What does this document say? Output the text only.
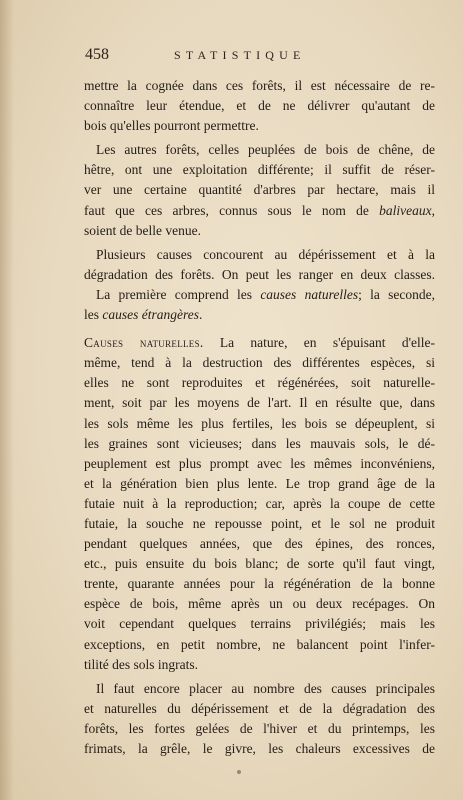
458	STATISTIQUE
mettre la cognée dans ces forêts, il est nécessaire de re-
connaître leur étendue, et de ne délivrer qu'autant de
bois qu'elles pourront permettre.
Les autres forêts, celles peuplées de bois de chêne, de
hêtre, ont une exploitation différente; il suffit de réser-
ver une certaine quantité d'arbres par hectare, mais il
faut que ces arbres, connus sous le nom de baliveaux,
soient de belle venue.
Plusieurs causes concourent au dépérissement et à la
dégradation des forêts. On peut les ranger en deux classes.
La première comprend les causes naturelles; la seconde,
les causes étrangères.
Causes naturelles. La nature, en s'épuisant d'elle-
même, tend à la destruction des différentes espèces, si
elles ne sont reproduites et régénérées, soit naturelle-
ment, soit par les moyens de l'art. Il en résulte que, dans
les sols même les plus fertiles, les bois se dépeuplent, si
les graines sont vicieuses; dans les mauvais sols, le dé-
peuplement est plus prompt avec les mêmes inconvéniens,
et la génération bien plus lente. Le trop grand âge de la
futaie nuit à la reproduction; car, après la coupe de cette
futaie, la souche ne repousse point, et le sol ne produit
pendant quelques années, que des épines, des ronces,
etc., puis ensuite du bois blanc; de sorte qu'il faut vingt,
trente, quarante années pour la régénération de la bonne
espèce de bois, même après un ou deux recépages. On
voit cependant quelques terrains privilégiés; mais les
exceptions, en petit nombre, ne balancent point l'infer-
tilité des sols ingrats.
Il faut encore placer au nombre des causes principales
et naturelles du dépérissement et de la dégradation des
forêts, les fortes gelées de l'hiver et du printemps, les
frimats, la grêle, le givre, les chaleurs excessives de
